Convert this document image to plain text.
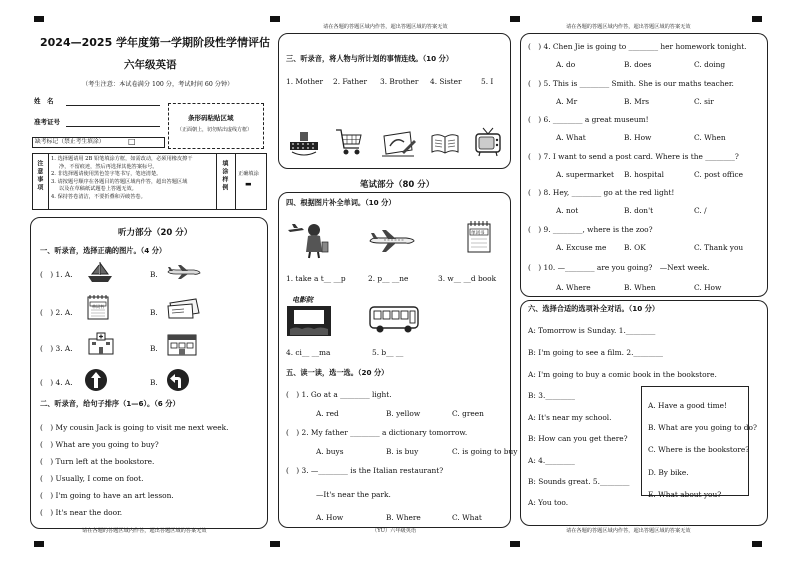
请在各题的答题区域内作答，超出答题区域的答案无效	请在各题的答题区域内作答，超出答题区域的答案无效
请在各题的答题区域内作答，超出答题区域的答案无效	（YU）六年级英语	请在各题的答题区域内作答，超出答题区域的答案无效
2024—2025 学年度第一学期阶段性学情评估
六年级英语
（考生注意：本试卷满分 100 分，考试时间 60 分钟）
姓　名
准考证号
缺考标记（禁止考生填涂）	□
条形码粘贴区域
（正面朝上，切勿贴出虚线方框）
注意事项
1. 选择题请用 2B 铅笔填涂方框，如需改动，必须用橡皮擦干
净，不留痕迹，然后再选择其他答案标号。
2. 非选择题请使用黑色签字笔书写，笔迹清楚。
3. 请按题号顺序在各题目的答题区域内作答，超出答题区域
以及在草稿纸试题卷上答题无效。
4. 保持答卷清洁，不要折叠和弄破答卷。
填涂样例 正确填涂
▬
听力部分（20 分）
一、听录音，选择正确的图片。（4 分）
(　) 1. A.	B.
(　) 2. A.	B.
(　) 3. A.	B.
(　) 4. A.	B.
单词书
二、听录音，给句子排序（1—6）。（6 分）
(　) My cousin Jack is going to visit me next week.
(　) What are you going to buy?
(　) Turn left at the bookstore.
(　) Usually, I come on foot.
(　) I'm going to have an art lesson.
(　) It's near the door.
三、听录音，将人物与所计划的事情连线。（10 分）
1. Mother 2. Father 3. Brother 4. Sister	5. I
笔试部分（80 分）
四、根据图片补全单词。（10 分）
单词书
1. take a t__ __p	2. p__ __ne	3. w__ __d book
电影院
4. ci__ __ma	5. b__ __
五、读一读，选一选。（20 分）
(　) 1. Go at a ________ light.
A. red	B. yellow	C. green
(　) 2. My father ________ a dictionary tomorrow.
A. buys	B. is buy	C. is going to buy
(　) 3. —________ is the Italian restaurant?
—It's near the park.
A. How	B. Where	C. What
(　) 4. Chen Jie is going to ________ her homework tonight.
A. do	B. does	C. doing
(　) 5. This is ________ Smith. She is our maths teacher.
A. Mr	B. Mrs	C. sir
(　) 6. ________ a great museum!
A. What	B. How	C. When
(　) 7. I want to send a post card. Where is the ________?
A. supermarket B. hospital	C. post office
(　) 8. Hey, ________ go at the red light!
A. not	B. don't	C. /
(　) 9. ________, where is the zoo?
A. Excuse me B. OK	C. Thank you
(　) 10. —________ are you going?　—Next week.
A. Where	B. When	C. How
六、选择合适的选项补全对话。（10 分）
A: Tomorrow is Sunday. 1.________
B: I'm going to see a film. 2.________
A: I'm going to buy a comic book in the bookstore.
B: 3.________
A: It's near my school.
B: How can you get there?
A: 4.________
B: Sounds great. 5.________
A: You too.
A. Have a good time!
B. What are you going to do?
C. Where is the bookstore?
D. By bike.
E. What about you?
